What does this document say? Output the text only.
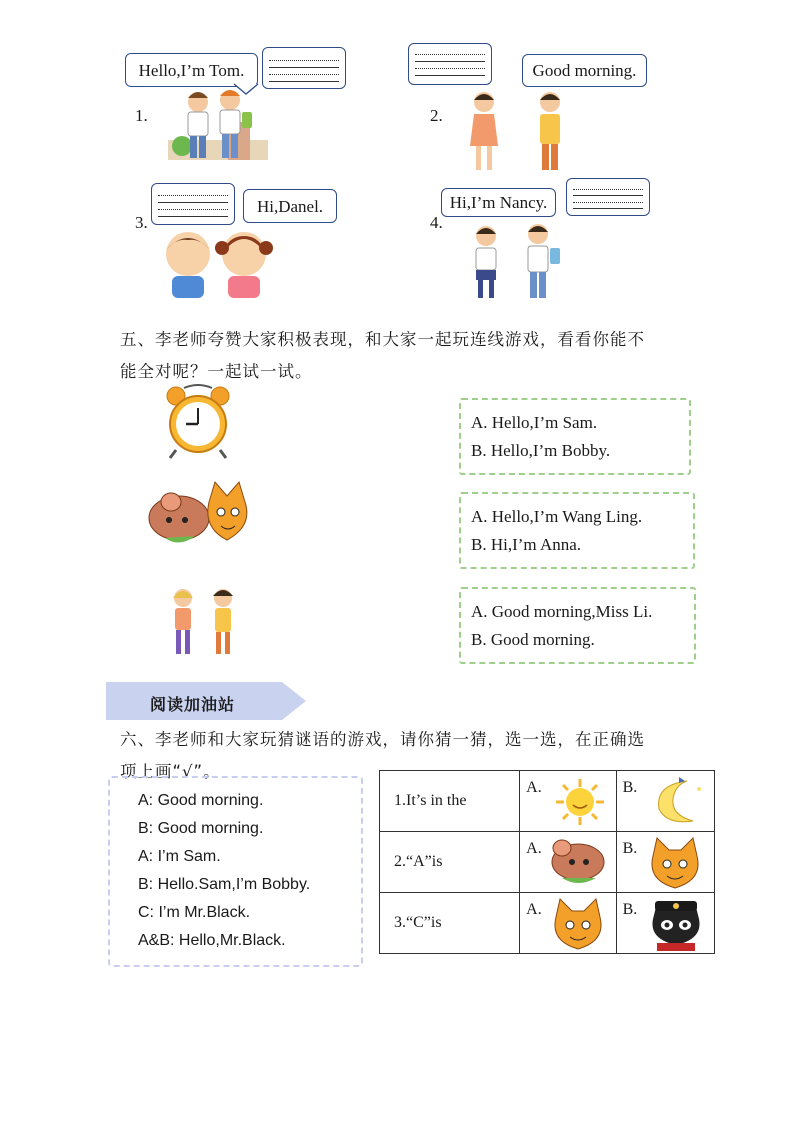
Hello,I’m Tom.
1.
Good morning.
2.
Hi,Danel.
3.
Hi,I’m Nancy.
4.
五、李老师夸赞大家积极表现，和大家一起玩连线游戏，看看你能不
能全对呢？一起试一试。
A. Hello,I’m Sam.
B. Hello,I’m Bobby.
A. Hello,I’m Wang Ling.
B. Hi,I’m Anna.
A. Good morning,Miss Li.
B. Good morning.
阅读加油站
六、李老师和大家玩猜谜语的游戏，请你猜一猜，选一选，在正确选
项上画“√”。
A: Good morning.
B: Good morning.
A: I’m Sam.
B: Hello.Sam,I’m Bobby.
C: I’m Mr.Black.
A&B: Hello,Mr.Black.
1.It’s in the	A.	B.

2.“A”is	A.	B.

3.“C”is	A.	B.
